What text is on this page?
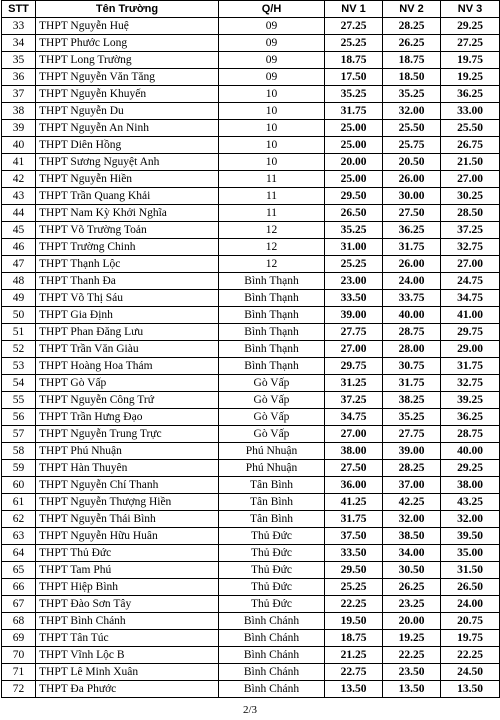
STT	Tên Trường	Q/H	NV 1	NV 2	NV 3
33	THPT Nguyễn Huệ	09	27.25	28.25	29.25
34	THPT Phước Long	09	25.25	26.25	27.25
35	THPT Long Trường	09	18.75	18.75	19.75
36	THPT Nguyễn Văn Tăng	09	17.50	18.50	19.25
37	THPT Nguyễn Khuyến	10	35.25	35.25	36.25
38	THPT Nguyễn Du	10	31.75	32.00	33.00
39	THPT Nguyễn An Ninh	10	25.00	25.50	25.50
40	THPT Diên Hồng	10	25.00	25.75	26.75
41	THPT Sương Nguyệt Anh	10	20.00	20.50	21.50
42	THPT Nguyễn Hiền	11	25.00	26.00	27.00
43	THPT Trần Quang Khải	11	29.50	30.00	30.25
44	THPT Nam Kỳ Khởi Nghĩa	11	26.50	27.50	28.50
45	THPT Võ Trường Toản	12	35.25	36.25	37.25
46	THPT Trường Chinh	12	31.00	31.75	32.75
47	THPT Thạnh Lộc	12	25.25	26.00	27.00
48	THPT Thanh Đa	Bình Thạnh	23.00	24.00	24.75
49	THPT Võ Thị Sáu	Bình Thạnh	33.50	33.75	34.75
50	THPT Gia Định	Bình Thạnh	39.00	40.00	41.00
51	THPT Phan Đăng Lưu	Bình Thạnh	27.75	28.75	29.75
52	THPT Trần Văn Giàu	Bình Thạnh	27.00	28.00	29.00
53	THPT Hoàng Hoa Thám	Bình Thạnh	29.75	30.75	31.75
54	THPT Gò Vấp	Gò Vấp	31.25	31.75	32.75
55	THPT Nguyễn Công Trứ	Gò Vấp	37.25	38.25	39.25
56	THPT Trần Hưng Đạo	Gò Vấp	34.75	35.25	36.25
57	THPT Nguyễn Trung Trực	Gò Vấp	27.00	27.75	28.75
58	THPT Phú Nhuận	Phú Nhuận	38.00	39.00	40.00
59	THPT Hàn Thuyên	Phú Nhuận	27.50	28.25	29.25
60	THPT Nguyễn Chí Thanh	Tân Bình	36.00	37.00	38.00
61	THPT Nguyễn Thượng Hiền	Tân Bình	41.25	42.25	43.25
62	THPT Nguyễn Thái Bình	Tân Bình	31.75	32.00	32.00
63	THPT Nguyễn Hữu Huân	Thủ Đức	37.50	38.50	39.50
64	THPT Thủ Đức	Thủ Đức	33.50	34.00	35.00
65	THPT Tam Phú	Thủ Đức	29.50	30.50	31.50
66	THPT Hiệp Bình	Thủ Đức	25.25	26.25	26.50
67	THPT Đào Sơn Tây	Thủ Đức	22.25	23.25	24.00
68	THPT Bình Chánh	Bình Chánh	19.50	20.00	20.75
69	THPT Tân Túc	Bình Chánh	18.75	19.25	19.75
70	THPT Vĩnh Lộc B	Bình Chánh	21.25	22.25	22.25
71	THPT Lê Minh Xuân	Bình Chánh	22.75	23.50	24.50
72	THPT Đa Phước	Bình Chánh	13.50	13.50	13.50
2/3
